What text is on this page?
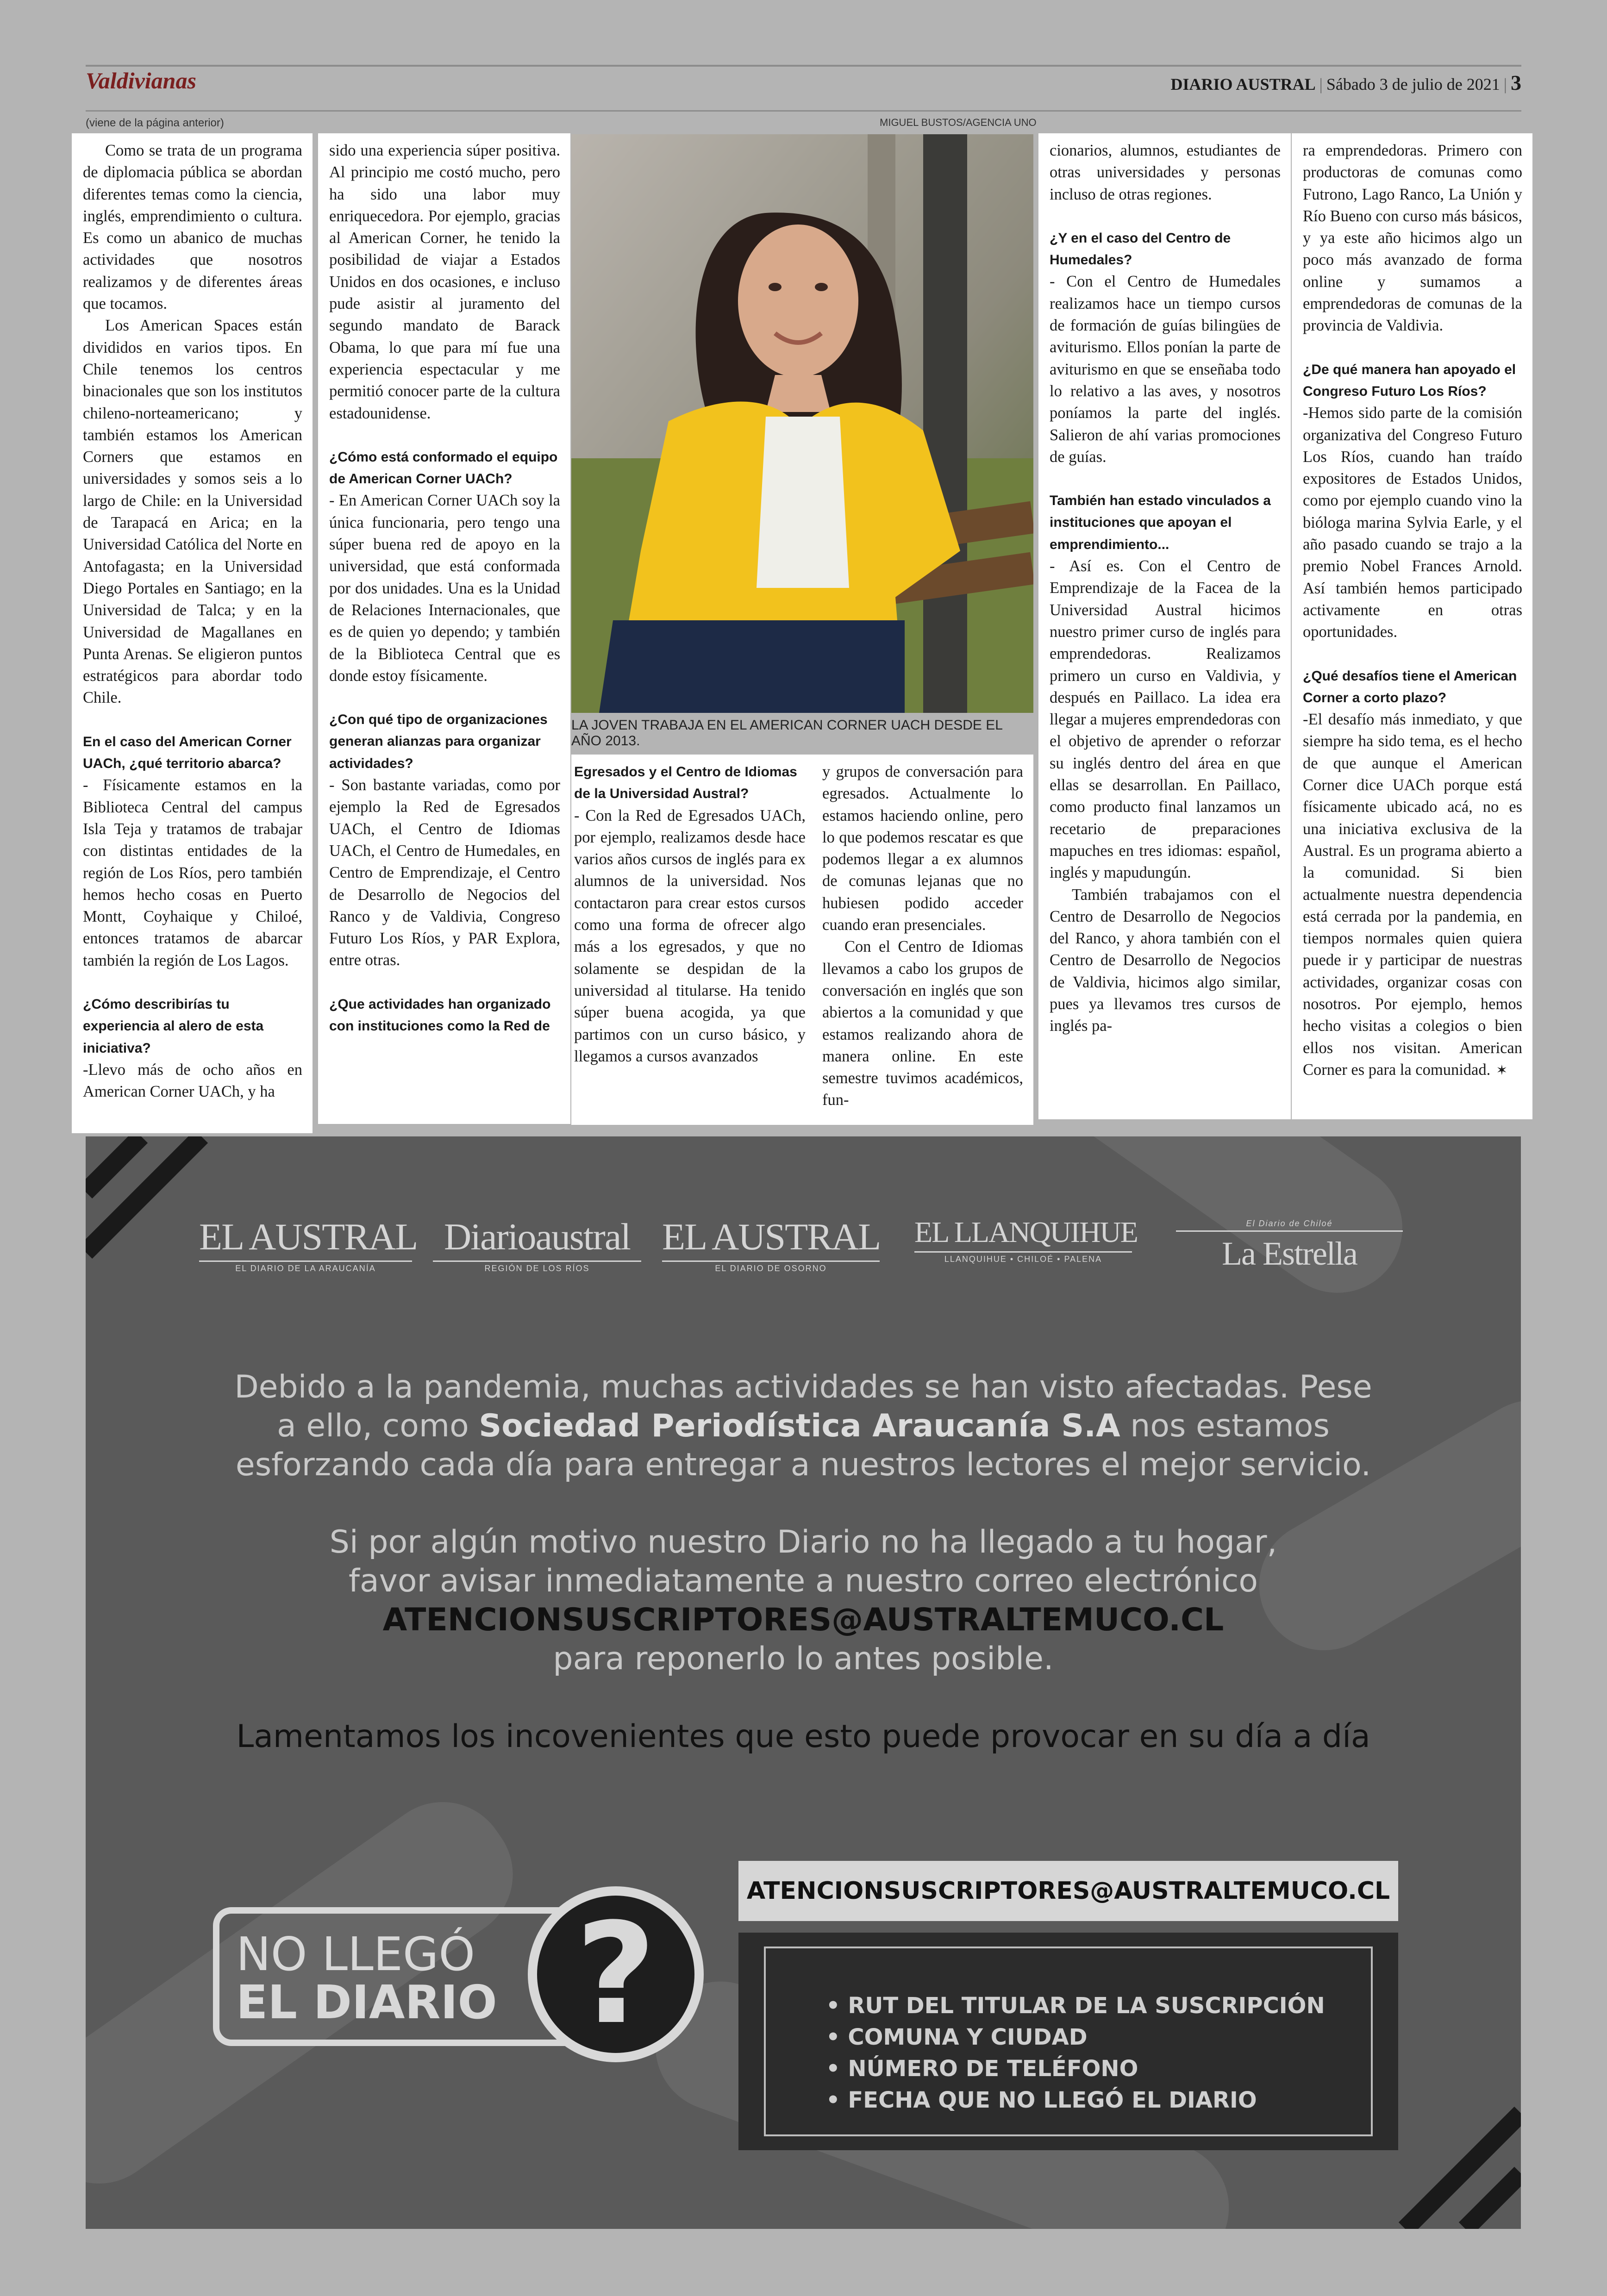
Valdivianas	DIARIO AUSTRAL | Sábado 3 de julio de 2021 | 3
(viene de la página anterior)	MIGUEL BUSTOS/AGENCIA UNO

Como se trata de un programa de diplomacia pública se abordan diferentes temas como la ciencia, inglés, emprendimiento o cultura. Es como un abanico de muchas actividades que nosotros realizamos y de diferentes áreas que tocamos.

Los American Spaces están divididos en varios tipos. En Chile tenemos los centros binacionales que son los institutos chileno-norteamericano; y también estamos los American Corners que estamos en universidades y somos seis a lo largo de Chile: en la Universidad de Tarapacá en Arica; en la Universidad Católica del Norte en Antofagasta; en la Universidad Diego Portales en Santiago; en la Universidad de Talca; y en la Universidad de Magallanes en Punta Arenas. Se eligieron puntos estratégicos para abordar todo Chile.

En el caso del American Corner UACh, ¿qué territorio abarca?

- Físicamente estamos en la Biblioteca Central del campus Isla Teja y tratamos de trabajar con distintas entidades de la región de Los Ríos, pero también hemos hecho cosas en Puerto Montt, Coyhaique y Chiloé, entonces tratamos de abarcar también la región de Los Lagos.

¿Cómo describirías tu experiencia al alero de esta iniciativa?

-Llevo más de ocho años en American Corner UACh, y ha

sido una experiencia súper positiva. Al principio me costó mucho, pero ha sido una labor muy enriquecedora. Por ejemplo, gracias al American Corner, he tenido la posibilidad de viajar a Estados Unidos en dos ocasiones, e incluso pude asistir al juramento del segundo mandato de Barack Obama, lo que para mí fue una experiencia espectacular y me permitió conocer parte de la cultura estadounidense.

¿Cómo está conformado el equipo de American Corner UACh?

- En American Corner UACh soy la única funcionaria, pero tengo una súper buena red de apoyo en la universidad, que está conformada por dos unidades. Una es la Unidad de Relaciones Internacionales, que es de quien yo dependo; y también de la Biblioteca Central que es donde estoy físicamente.

¿Con qué tipo de organizaciones generan alianzas para organizar actividades?

- Son bastante variadas, como por ejemplo la Red de Egresados UACh, el Centro de Idiomas UACh, el Centro de Humedales, en Centro de Emprendizaje, el Centro de Desarrollo de Negocios del Ranco y de Valdivia, Congreso Futuro Los Ríos, y PAR Explora, entre otras.

¿Que actividades han organizado con instituciones como la Red de

LA JOVEN TRABAJA EN EL AMERICAN CORNER UACH DESDE EL AÑO 2013.

Egresados y el Centro de Idiomas de la Universidad Austral?

- Con la Red de Egresados UACh, por ejemplo, realizamos desde hace varios años cursos de inglés para ex alumnos de la universidad. Nos contactaron para crear estos cursos como una forma de ofrecer algo más a los egresados, y que no solamente se despidan de la universidad al titularse. Ha tenido súper buena acogida, ya que partimos con un curso básico, y llegamos a cursos avanzados

y grupos de conversación para egresados. Actualmente lo estamos haciendo online, pero lo que podemos rescatar es que podemos llegar a ex alumnos de comunas lejanas que no hubiesen podido acceder cuando eran presenciales.

Con el Centro de Idiomas llevamos a cabo los grupos de conversación en inglés que son abiertos a la comunidad y que estamos realizando ahora de manera online. En este semestre tuvimos académicos, fun-

cionarios, alumnos, estudiantes de otras universidades y personas incluso de otras regiones.

¿Y en el caso del Centro de Humedales?

- Con el Centro de Humedales realizamos hace un tiempo cursos de formación de guías bilingües de aviturismo. Ellos ponían la parte de aviturismo en que se enseñaba todo lo relativo a las aves, y nosotros poníamos la parte del inglés. Salieron de ahí varias promociones de guías.

También han estado vinculados a instituciones que apoyan el emprendimiento...

- Así es. Con el Centro de Emprendizaje de la Facea de la Universidad Austral hicimos nuestro primer curso de inglés para emprendedoras. Realizamos primero un curso en Valdivia, y después en Paillaco. La idea era llegar a mujeres emprendedoras con el objetivo de aprender o reforzar su inglés dentro del área en que ellas se desarrollan. En Paillaco, como producto final lanzamos un recetario de preparaciones mapuches en tres idiomas: español, inglés y mapudungún.

También trabajamos con el Centro de Desarrollo de Negocios del Ranco, y ahora también con el Centro de Desarrollo de Negocios de Valdivia, hicimos algo similar, pues ya llevamos tres cursos de inglés pa-

ra emprendedoras. Primero con productoras de comunas como Futrono, Lago Ranco, La Unión y Río Bueno con curso más básicos, y ya este año hicimos algo un poco más avanzado de forma online y sumamos a emprendedoras de comunas de la provincia de Valdivia.

¿De qué manera han apoyado el Congreso Futuro Los Ríos?

-Hemos sido parte de la comisión organizativa del Congreso Futuro Los Ríos, cuando han traído expositores de Estados Unidos, como por ejemplo cuando vino la bióloga marina Sylvia Earle, y el año pasado cuando se trajo a la premio Nobel Frances Arnold. Así también hemos participado activamente en otras oportunidades.

¿Qué desafíos tiene el American Corner a corto plazo?

-El desafío más inmediato, y que siempre ha sido tema, es el hecho de que aunque el American Corner dice UACh porque está físicamente ubicado acá, no es una iniciativa exclusiva de la Austral. Es un programa abierto a la comunidad. Si bien actualmente nuestra dependencia está cerrada por la pandemia, en tiempos normales quien quiera puede ir y participar de nuestras actividades, organizar cosas con nosotros. Por ejemplo, hemos hecho visitas a colegios o bien ellos nos visitan. American Corner es para la comunidad. ✶

EL AUSTRAL
EL DIARIO DE LA ARAUCANÍA
Diarioaustral
REGIÓN DE LOS RÍOS
EL AUSTRAL
EL DIARIO DE OSORNO
EL LLANQUIHUE
LLANQUIHUE • CHILOÉ • PALENA
El Diario de Chiloé
La Estrella
Debido a la pandemia, muchas actividades se han visto afectadas. Pese a ello, como Sociedad Periodística Araucanía S.A nos estamos esforzando cada día para entregar a nuestros lectores el mejor servicio.
Si por algún motivo nuestro Diario no ha llegado a tu hogar, favor avisar inmediatamente a nuestro correo electrónico
ATENCIONSUSCRIPTORES@AUSTRALTEMUCO.CL
para reponerlo lo antes posible.
Lamentamos los incovenientes que esto puede provocar en su día a día
NO LLEGÓ
EL DIARIO ?
ATENCIONSUSCRIPTORES@AUSTRALTEMUCO.CL
• RUT DEL TITULAR DE LA SUSCRIPCIÓN
• COMUNA Y CIUDAD
• NÚMERO DE TELÉFONO
• FECHA QUE NO LLEGÓ EL DIARIO
